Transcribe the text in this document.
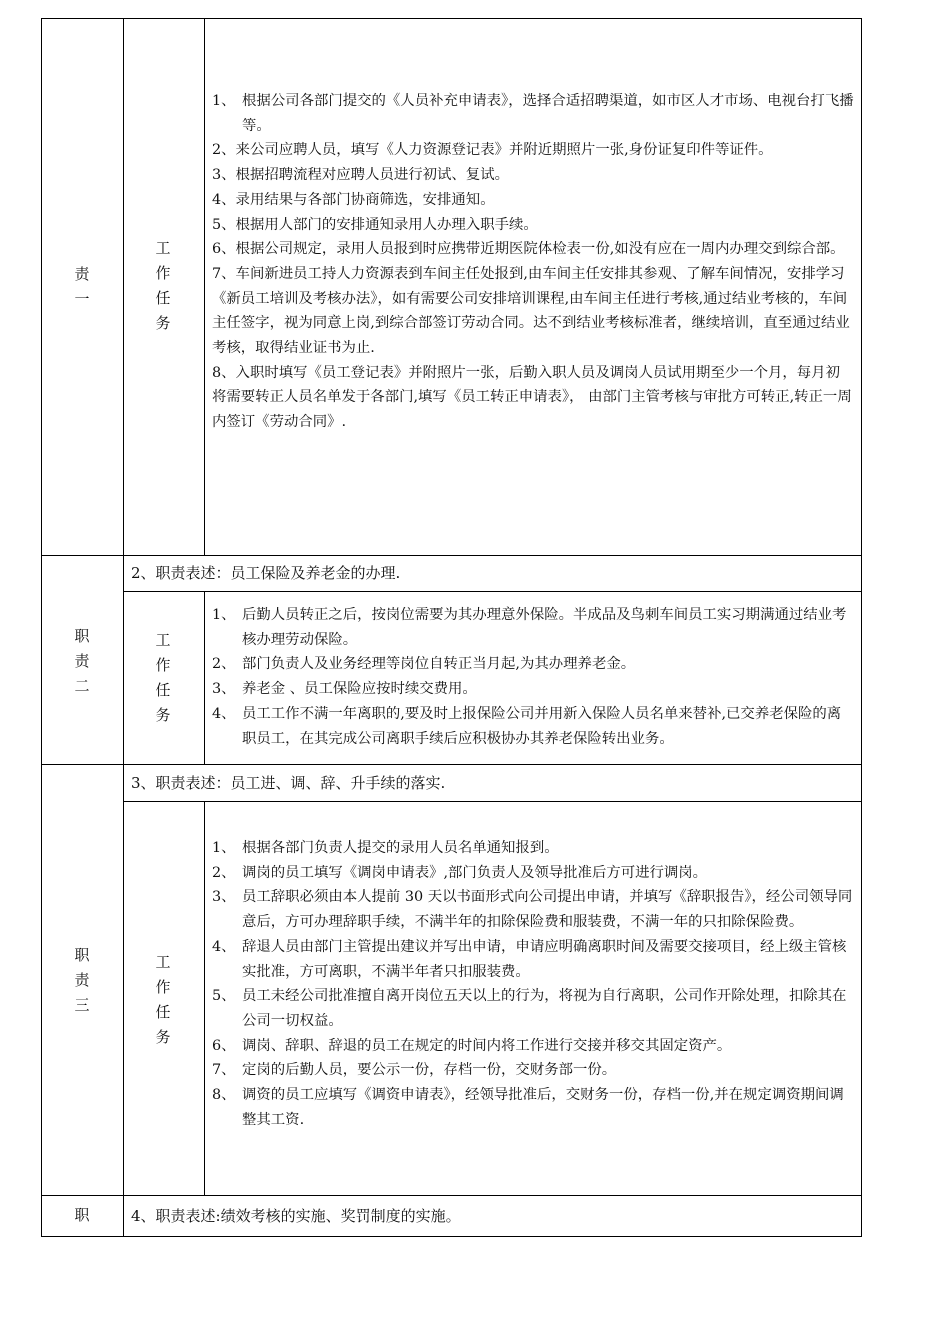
责
一
工
作
任
务
1、 根据公司各部门提交的《人员补充申请表》，选择合适招聘渠道，如市区人才市场、电视台打飞播等。
2、来公司应聘人员，填写《人力资源登记表》并附近期照片一张,身份证复印件等证件。
3、根据招聘流程对应聘人员进行初试、复试。
4、录用结果与各部门协商筛选，安排通知。
5、根据用人部门的安排通知录用人办理入职手续。
6、根据公司规定，录用人员报到时应携带近期医院体检表一份,如没有应在一周内办理交到综合部。
7、车间新进员工持人力资源表到车间主任处报到,由车间主任安排其参观、了解车间情况，安排学习《新员工培训及考核办法》，如有需要公司安排培训课程,由车间主任进行考核,通过结业考核的，车间主任签字，视为同意上岗,到综合部签订劳动合同。达不到结业考核标准者，继续培训，直至通过结业考核，取得结业证书为止.
8、入职时填写《员工登记表》并附照片一张，后勤入职人员及调岗人员试用期至少一个月，每月初将需要转正人员名单发于各部门,填写《员工转正申请表》， 由部门主管考核与审批方可转正,转正一周内签订《劳动合同》.
职
责
二
2、职责表述：员工保险及养老金的办理.
工
作
任
务
1、 后勤人员转正之后，按岗位需要为其办理意外保险。半成品及鸟刺车间员工实习期满通过结业考核办理劳动保险。
2、 部门负责人及业务经理等岗位自转正当月起,为其办理养老金。
3、 养老金 、员工保险应按时续交费用。
4、 员工工作不满一年离职的,要及时上报保险公司并用新入保险人员名单来替补,已交养老保险的离职员工，在其完成公司离职手续后应积极协办其养老保险转出业务。
职
责
三
3、职责表述：员工进、调、辞、升手续的落实.
工
作
任
务
1、 根据各部门负责人提交的录用人员名单通知报到。
2、 调岗的员工填写《调岗申请表》,部门负责人及领导批准后方可进行调岗。
3、 员工辞职必须由本人提前 30 天以书面形式向公司提出申请，并填写《辞职报告》，经公司领导同意后，方可办理辞职手续，不满半年的扣除保险费和服装费，不满一年的只扣除保险费。
4、 辞退人员由部门主管提出建议并写出申请，申请应明确离职时间及需要交接项目，经上级主管核实批准，方可离职，不满半年者只扣服装费。
5、 员工未经公司批准擅自离开岗位五天以上的行为，将视为自行离职，公司作开除处理，扣除其在公司一切权益。
6、 调岗、辞职、辞退的员工在规定的时间内将工作进行交接并移交其固定资产。
7、 定岗的后勤人员，要公示一份，存档一份，交财务部一份。
8、 调资的员工应填写《调资申请表》，经领导批准后，交财务一份，存档一份,并在规定调资期间调整其工资.
职	4、职责表述:绩效考核的实施、奖罚制度的实施。
